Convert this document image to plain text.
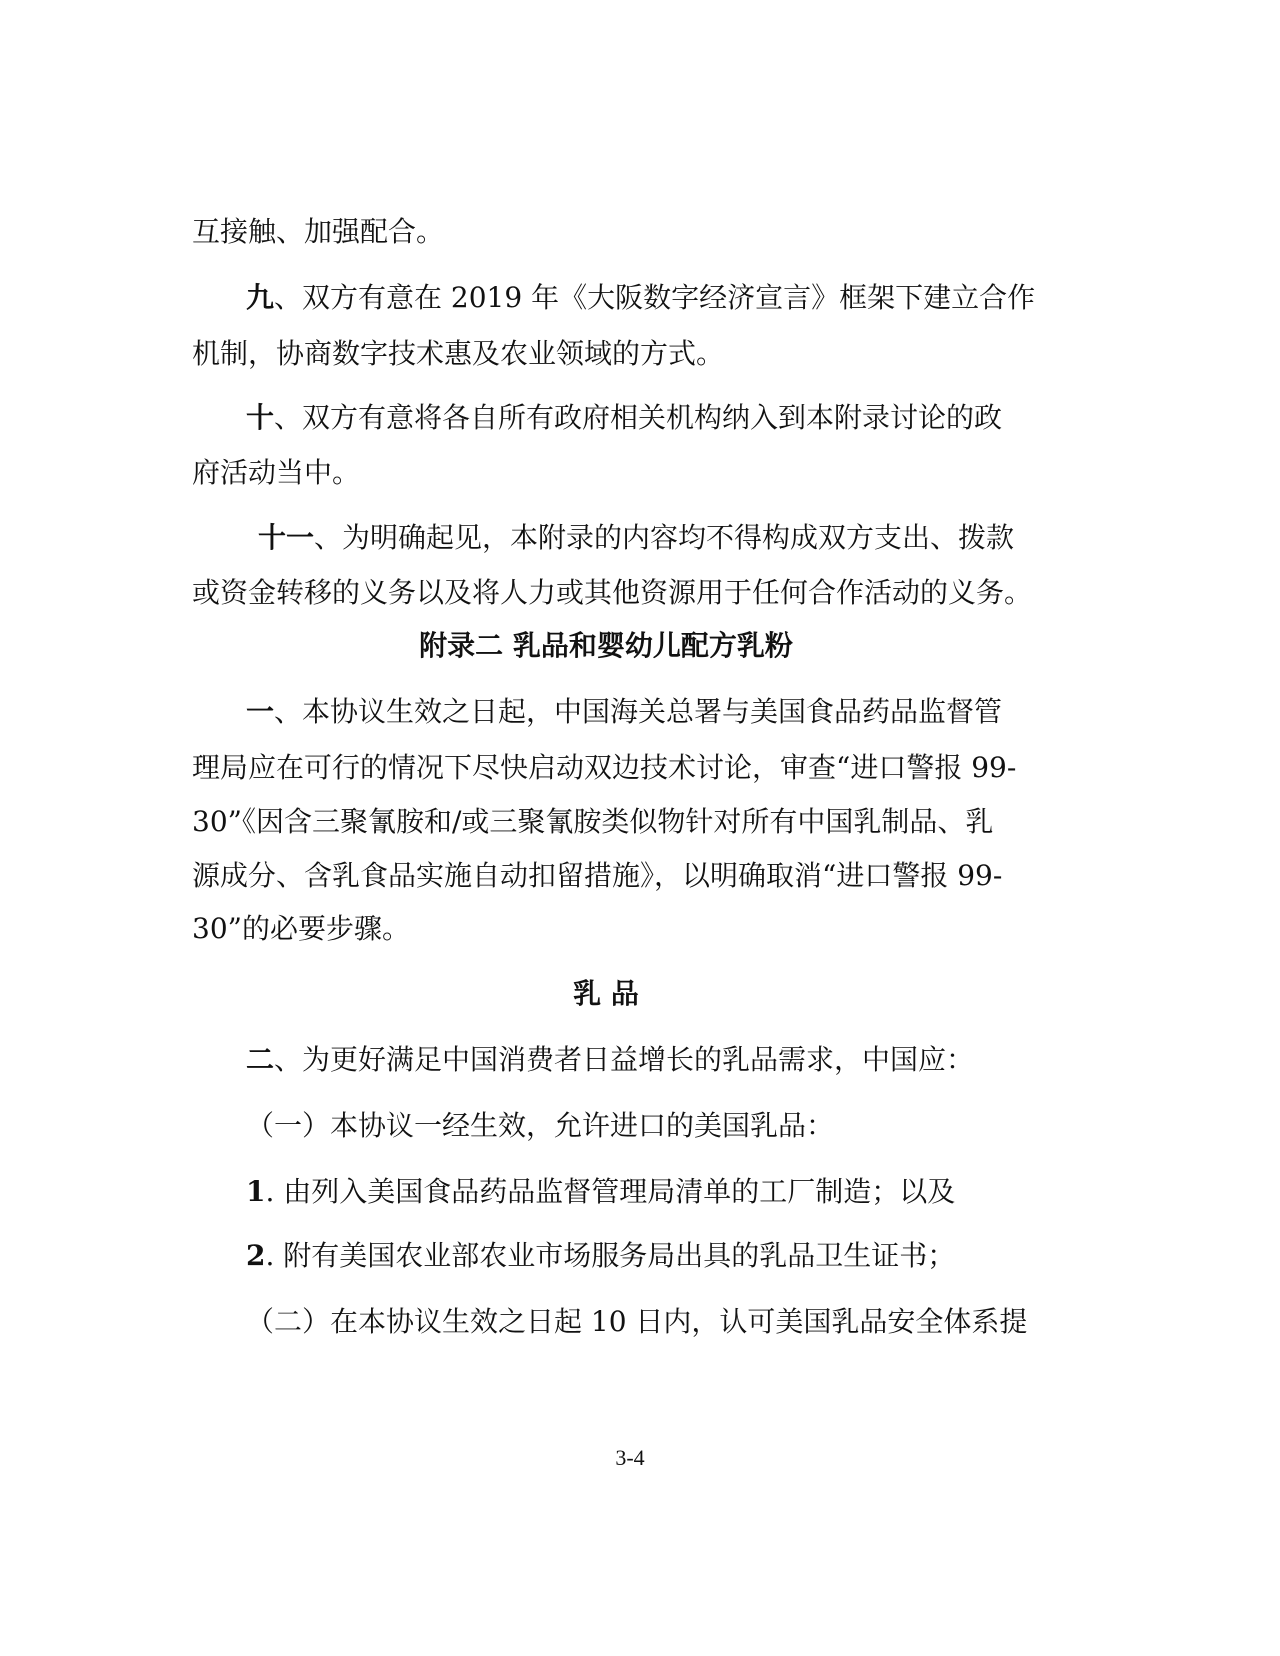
互接触、加强配合。
九、双方有意在 2019 年《大阪数字经济宣言》框架下建立合作
机制，协商数字技术惠及农业领域的方式。
十、双方有意将各自所有政府相关机构纳入到本附录讨论的政
府活动当中。
十一、为明确起见，本附录的内容均不得构成双方支出、拨款
或资金转移的义务以及将人力或其他资源用于任何合作活动的义务。
附录二 乳品和婴幼儿配方乳粉
一、本协议生效之日起，中国海关总署与美国食品药品监督管
理局应在可行的情况下尽快启动双边技术讨论，审查“进口警报 99-
30”《因含三聚氰胺和/或三聚氰胺类似物针对所有中国乳制品、乳
源成分、含乳食品实施自动扣留措施》，以明确取消“进口警报 99-
30”的必要步骤。
乳 品
二、为更好满足中国消费者日益增长的乳品需求，中国应：
（一）本协议一经生效，允许进口的美国乳品：
1. 由列入美国食品药品监督管理局清单的工厂制造；以及
2. 附有美国农业部农业市场服务局出具的乳品卫生证书；
（二）在本协议生效之日起 10 日内，认可美国乳品安全体系提
3-4
